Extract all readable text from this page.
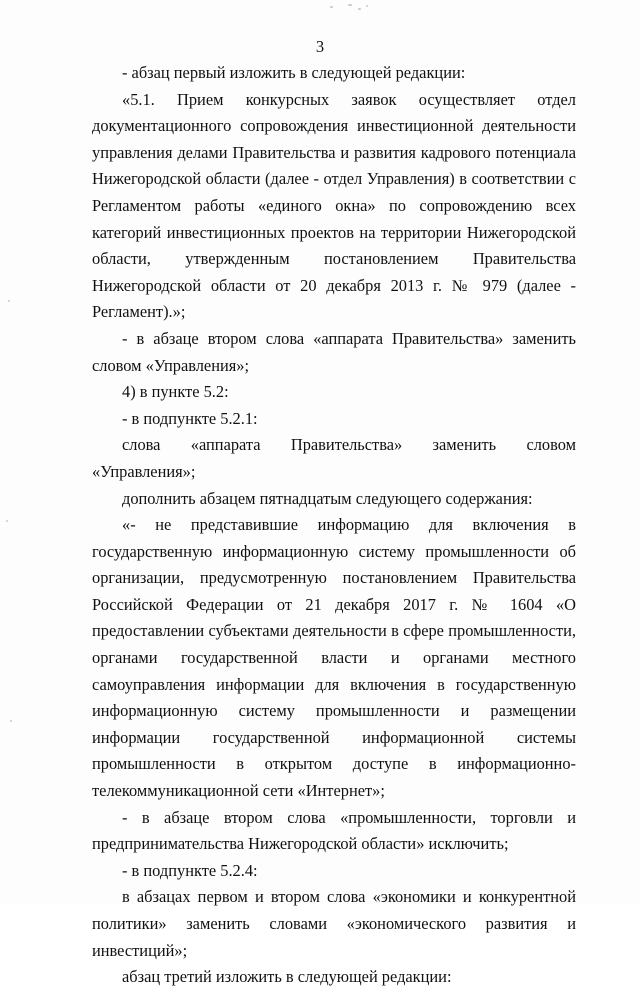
3

- абзац первый изложить в следующей редакции:

«5.1. Прием конкурсных заявок осуществляет отдел документационного сопровождения инвестиционной деятельности управления делами Правительства и развития кадрового потенциала Нижегородской области (далее - отдел Управления) в соответствии с Регламентом работы «единого окна» по сопровождению всех категорий инвестиционных проектов на территории Нижегородской области, утвержденным постановлением Правительства Нижегородской области от 20 декабря 2013 г. № 979 (далее - Регламент).»;

- в абзаце втором слова «аппарата Правительства» заменить словом «Управления»;

4) в пункте 5.2:

- в подпункте 5.2.1:

слова «аппарата Правительства» заменить словом «Управления»;

дополнить абзацем пятнадцатым следующего содержания:

«- не представившие информацию для включения в государственную информационную систему промышленности об организации, предусмотренную постановлением Правительства Российской Федерации от 21 декабря 2017 г. № 1604 «О предоставлении субъектами деятельности в сфере промышленности, органами государственной власти и органами местного самоуправления информации для включения в государственную информационную систему промышленности и размещении информации государственной информационной системы промышленности в открытом доступе в информационно-телекоммуникационной сети «Интернет»;

- в абзаце втором слова «промышленности, торговли и предпринимательства Нижегородской области» исключить;

- в подпункте 5.2.4:

в абзацах первом и втором слова «экономики и конкурентной политики» заменить словами «экономического развития и инвестиций»;

абзац третий изложить в следующей редакции:
